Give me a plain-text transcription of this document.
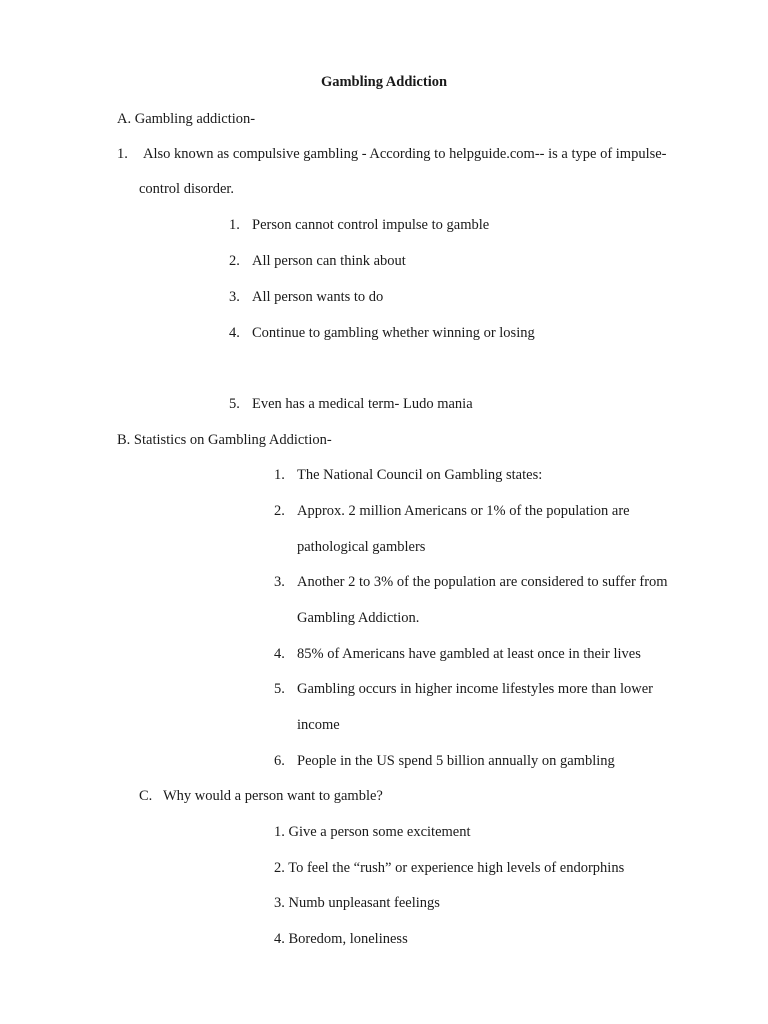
Gambling Addiction
A. Gambling addiction-
1. Also known as compulsive gambling - According to helpguide.com-- is a type of impulse-
control disorder.
1. Person cannot control impulse to gamble
2. All person can think about
3. All person wants to do
4. Continue to gambling whether winning or losing
5. Even has a medical term- Ludo mania
B. Statistics on Gambling Addiction-
1. The National Council on Gambling states:
2. Approx. 2 million Americans or 1% of the population are
pathological gamblers
3. Another 2 to 3% of the population are considered to suffer from
Gambling Addiction.
4. 85% of Americans have gambled at least once in their lives
5. Gambling occurs in higher income lifestyles more than lower
income
6. People in the US spend 5 billion annually on gambling
C. Why would a person want to gamble?
1. Give a person some excitement
2. To feel the “rush” or experience high levels of endorphins
3. Numb unpleasant feelings
4. Boredom, loneliness
